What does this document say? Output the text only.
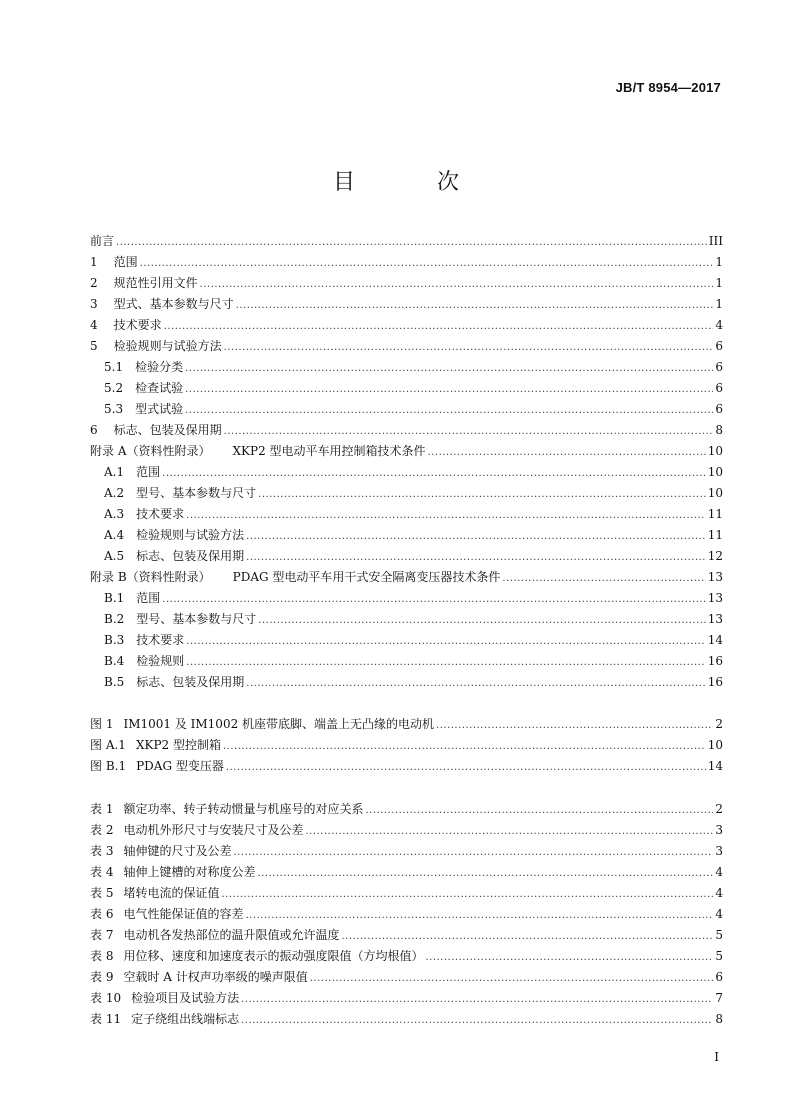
JB/T 8954—2017
目　次
前言 .....	III
1 范围 .....	1
2 规范性引用文件 .....	1
3 型式、基本参数与尺寸 .....	1
4 技术要求 .....	4
5 检验规则与试验方法 .....	6
5.1 检验分类 .....	6
5.2 检查试验 .....	6
5.3 型式试验 .....	6
6 标志、包装及保用期 .....	8
附录 A（资料性附录） XKP2 型电动平车用控制箱技术条件 .....	10
A.1 范围 .....	10
A.2 型号、基本参数与尺寸 .....	10
A.3 技术要求 .....	11
A.4 检验规则与试验方法 .....	11
A.5 标志、包装及保用期 .....	12
附录 B（资料性附录） PDAG 型电动平车用干式安全隔离变压器技术条件 .....	13
B.1 范围 .....	13
B.2 型号、基本参数与尺寸 .....	13
B.3 技术要求 .....	14
B.4 检验规则 .....	16
B.5 标志、包装及保用期 .....	16
图 1 IM1001 及 IM1002 机座带底脚、端盖上无凸缘的电动机 .....	2
图 A.1 XKP2 型控制箱 .....	10
图 B.1 PDAG 型变压器 .....	14
表 1 额定功率、转子转动惯量与机座号的对应关系 .....	2
表 2 电动机外形尺寸与安装尺寸及公差 .....	3
表 3 轴伸键的尺寸及公差 .....	3
表 4 轴伸上键槽的对称度公差 .....	4
表 5 堵转电流的保证值 .....	4
表 6 电气性能保证值的容差 .....	4
表 7 电动机各发热部位的温升限值或允许温度 .....	5
表 8 用位移、速度和加速度表示的振动强度限值（方均根值） .....	5
表 9 空载时 A 计权声功率级的噪声限值 .....	6
表 10 检验项目及试验方法 .....	7
表 11 定子绕组出线端标志 .....	8
I
